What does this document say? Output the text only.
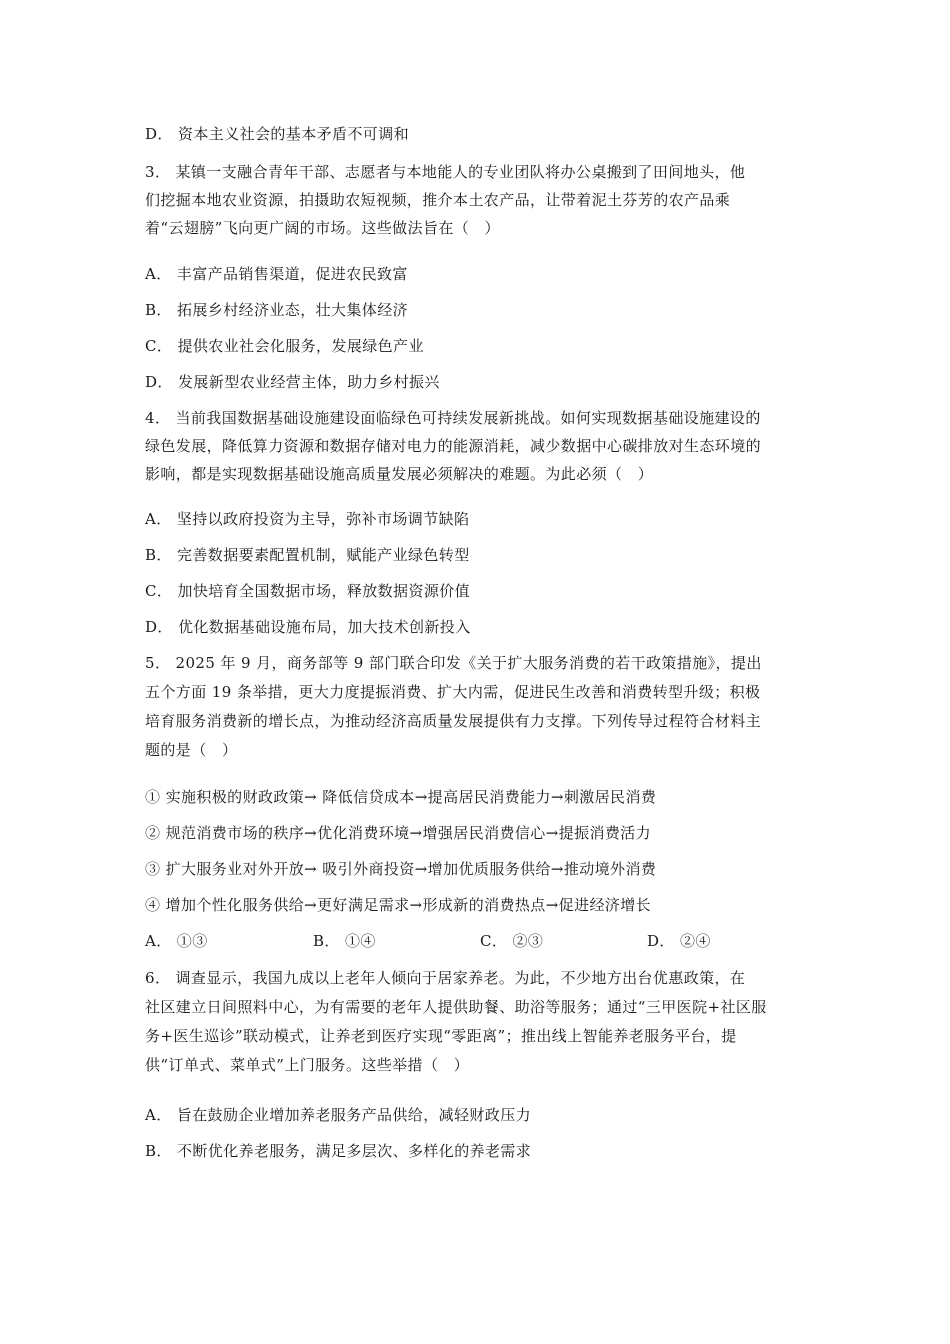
D． 资本主义社会的基本矛盾不可调和
3． 某镇一支融合青年干部、志愿者与本地能人的专业团队将办公桌搬到了田间地头，他
们挖掘本地农业资源，拍摄助农短视频，推介本土农产品，让带着泥土芬芳的农产品乘
着“云翅膀”飞向更广阔的市场。这些做法旨在（　）
A． 丰富产品销售渠道，促进农民致富
B． 拓展乡村经济业态，壮大集体经济
C． 提供农业社会化服务，发展绿色产业
D． 发展新型农业经营主体，助力乡村振兴
4． 当前我国数据基础设施建设面临绿色可持续发展新挑战。如何实现数据基础设施建设的
绿色发展，降低算力资源和数据存储对电力的能源消耗，减少数据中心碳排放对生态环境的
影响，都是实现数据基础设施高质量发展必须解决的难题。为此必须（　）
A． 坚持以政府投资为主导，弥补市场调节缺陷
B． 完善数据要素配置机制，赋能产业绿色转型
C． 加快培育全国数据市场，释放数据资源价值
D． 优化数据基础设施布局，加大技术创新投入
5． 2025 年 9 月，商务部等 9 部门联合印发《关于扩大服务消费的若干政策措施》，提出
五个方面 19 条举措，更大力度提振消费、扩大内需，促进民生改善和消费转型升级；积极
培育服务消费新的增长点，为推动经济高质量发展提供有力支撑。下列传导过程符合材料主
题的是（　）
① 实施积极的财政政策→ 降低信贷成本→提高居民消费能力→刺激居民消费
② 规范消费市场的秩序→优化消费环境→增强居民消费信心→提振消费活力
③ 扩大服务业对外开放→ 吸引外商投资→增加优质服务供给→推动境外消费
④ 增加个性化服务供给→更好满足需求→形成新的消费热点→促进经济增长
A． ①③	B． ①④	C． ②③	D． ②④
6． 调查显示，我国九成以上老年人倾向于居家养老。为此，不少地方出台优惠政策，在
社区建立日间照料中心，为有需要的老年人提供助餐、助浴等服务；通过“三甲医院+社区服
务+医生巡诊”联动模式，让养老到医疗实现“零距离”；推出线上智能养老服务平台，提
供“订单式、菜单式”上门服务。这些举措（　）
A． 旨在鼓励企业增加养老服务产品供给，减轻财政压力
B． 不断优化养老服务，满足多层次、多样化的养老需求
